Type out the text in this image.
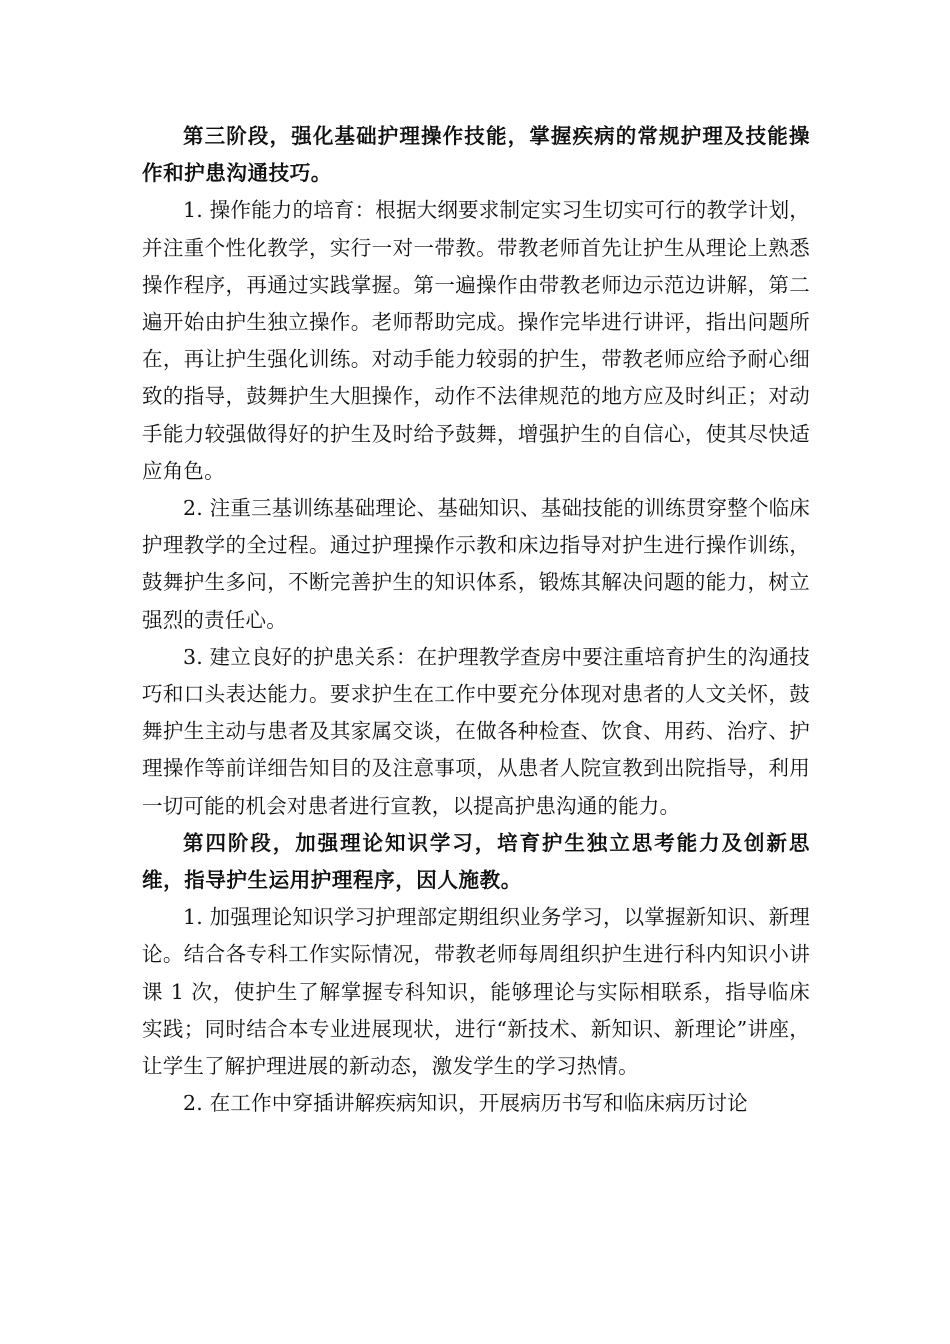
第三阶段，强化基础护理操作技能，掌握疾病的常规护理及技能操作和护患沟通技巧。

1. 操作能力的培育：根据大纲要求制定实习生切实可行的教学计划，并注重个性化教学，实行一对一带教。带教老师首先让护生从理论上熟悉操作程序，再通过实践掌握。第一遍操作由带教老师边示范边讲解，第二遍开始由护生独立操作。老师帮助完成。操作完毕进行讲评，指出问题所在，再让护生强化训练。对动手能力较弱的护生，带教老师应给予耐心细致的指导，鼓舞护生大胆操作，动作不法律规范的地方应及时纠正；对动手能力较强做得好的护生及时给予鼓舞，增强护生的自信心，使其尽快适应角色。

2. 注重三基训练基础理论、基础知识、基础技能的训练贯穿整个临床护理教学的全过程。通过护理操作示教和床边指导对护生进行操作训练，鼓舞护生多问，不断完善护生的知识体系，锻炼其解决问题的能力，树立强烈的责任心。

3. 建立良好的护患关系：在护理教学查房中要注重培育护生的沟通技巧和口头表达能力。要求护生在工作中要充分体现对患者的人文关怀，鼓舞护生主动与患者及其家属交谈，在做各种检查、饮食、用药、治疗、护理操作等前详细告知目的及注意事项，从患者人院宣教到出院指导，利用一切可能的机会对患者进行宣教，以提高护患沟通的能力。

第四阶段，加强理论知识学习，培育护生独立思考能力及创新思维，指导护生运用护理程序，因人施教。

1. 加强理论知识学习护理部定期组织业务学习，以掌握新知识、新理论。结合各专科工作实际情况，带教老师每周组织护生进行科内知识小讲课 1 次，使护生了解掌握专科知识，能够理论与实际相联系，指导临床实践；同时结合本专业进展现状，进行“新技术、新知识、新理论”讲座，让学生了解护理进展的新动态，激发学生的学习热情。

2. 在工作中穿插讲解疾病知识，开展病历书写和临床病历讨论
